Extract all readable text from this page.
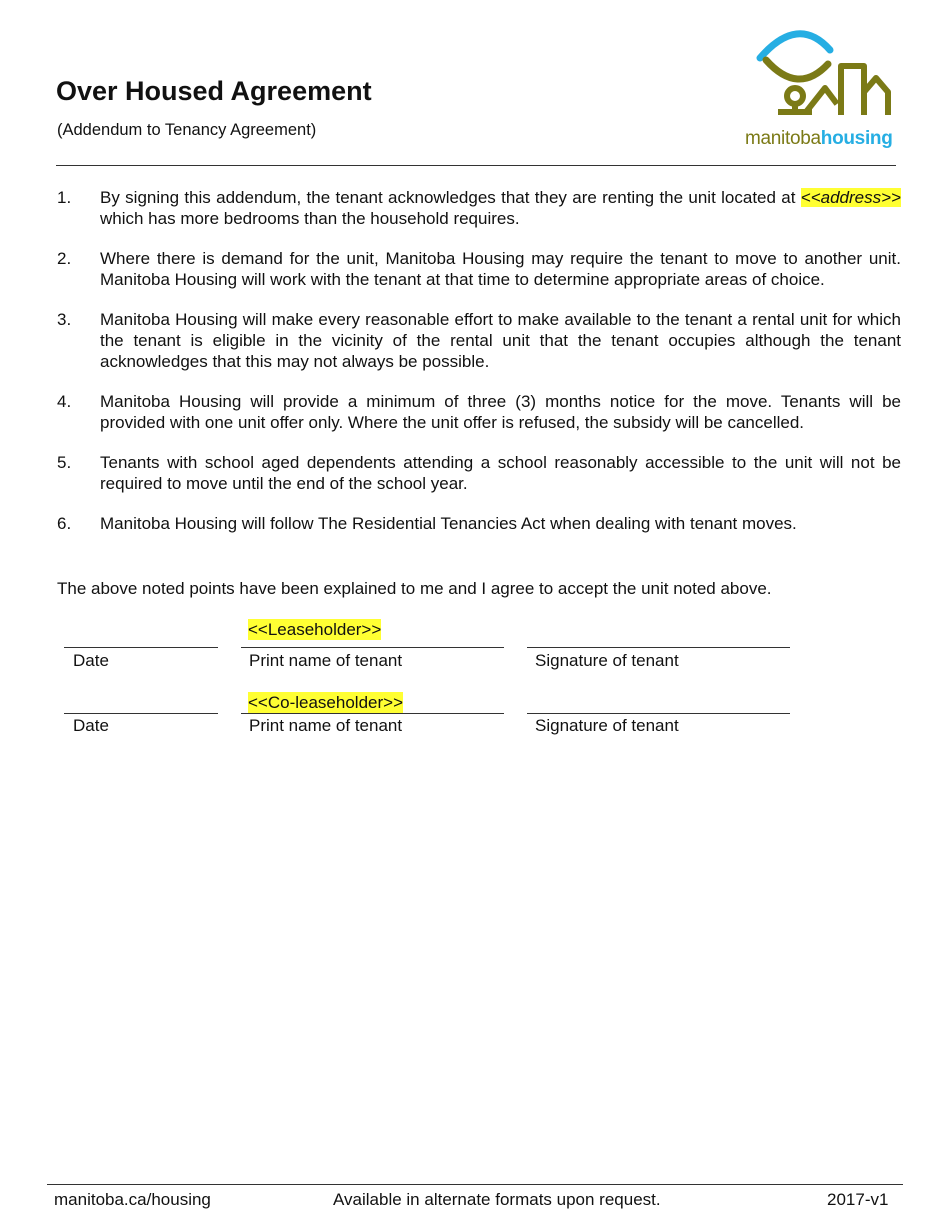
Over Housed Agreement
(Addendum to Tenancy Agreement)	manitobahousing
1. By signing this addendum, the tenant acknowledges that they are renting the unit located at <<address>> which has more bedrooms than the household requires.
2. Where there is demand for the unit, Manitoba Housing may require the tenant to move to another unit. Manitoba Housing will work with the tenant at that time to determine appropriate areas of choice.
3. Manitoba Housing will make every reasonable effort to make available to the tenant a rental unit for which the tenant is eligible in the vicinity of the rental unit that the tenant occupies although the tenant acknowledges that this may not always be possible.
4. Manitoba Housing will provide a minimum of three (3) months notice for the move. Tenants will be provided with one unit offer only. Where the unit offer is refused, the subsidy will be cancelled.
5. Tenants with school aged dependents attending a school reasonably accessible to the unit will not be required to move until the end of the school year.
6. Manitoba Housing will follow The Residential Tenancies Act when dealing with tenant moves.
The above noted points have been explained to me and I agree to accept the unit noted above.
<<Leaseholder>>
Date	Print name of tenant	Signature of tenant
<<Co-leaseholder>>
Date	Print name of tenant	Signature of tenant
manitoba.ca/housing	Available in alternate formats upon request.	2017-v1
